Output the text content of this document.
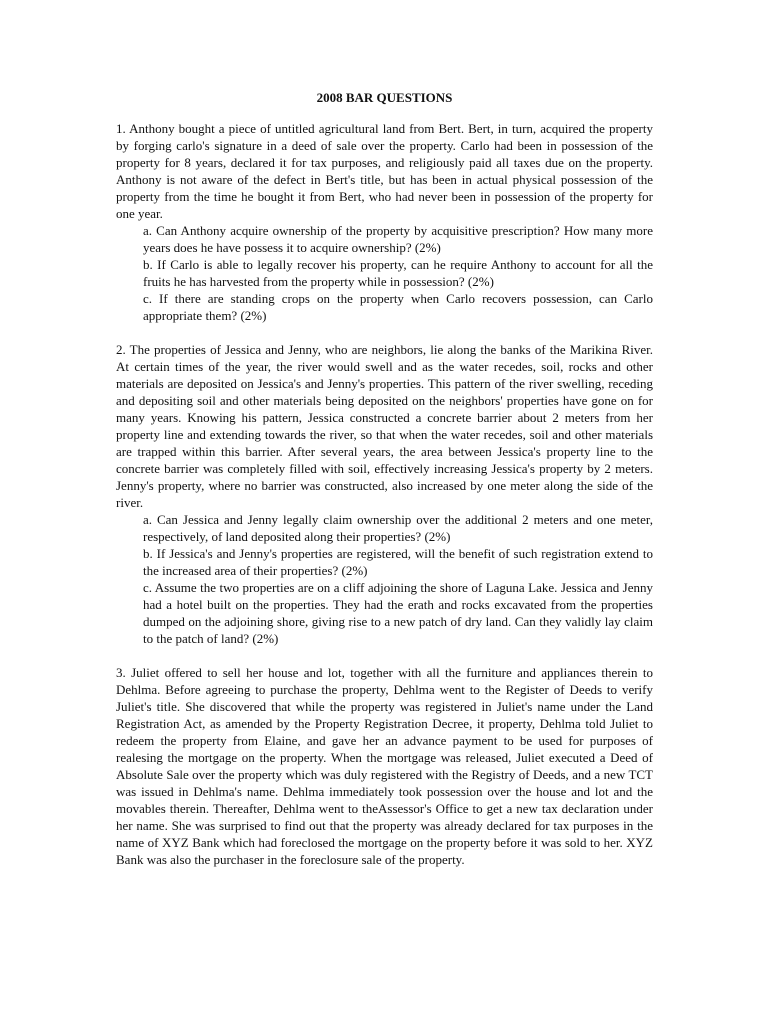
2008 BAR QUESTIONS

1. Anthony bought a piece of untitled agricultural land from Bert. Bert, in turn, acquired the property by forging carlo's signature in a deed of sale over the property. Carlo had been in possession of the property for 8 years, declared it for tax purposes, and religiously paid all taxes due on the property. Anthony is not aware of the defect in Bert's title, but has been in actual physical possession of the property from the time he bought it from Bert, who had never been in possession of the property for one year.

a. Can Anthony acquire ownership of the property by acquisitive prescription? How many more years does he have possess it to acquire ownership? (2%)

b. If Carlo is able to legally recover his property, can he require Anthony to account for all the fruits he has harvested from the property while in possession? (2%)

c. If there are standing crops on the property when Carlo recovers possession, can Carlo appropriate them? (2%)

2. The properties of Jessica and Jenny, who are neighbors, lie along the banks of the Marikina River. At certain times of the year, the river would swell and as the water recedes, soil, rocks and other materials are deposited on Jessica's and Jenny's properties. This pattern of the river swelling, receding and depositing soil and other materials being deposited on the neighbors' properties have gone on for many years. Knowing his pattern, Jessica constructed a concrete barrier about 2 meters from her property line and extending towards the river, so that when the water recedes, soil and other materials are trapped within this barrier. After several years, the area between Jessica's property line to the concrete barrier was completely filled with soil, effectively increasing Jessica's property by 2 meters. Jenny's property, where no barrier was constructed, also increased by one meter along the side of the river.

a. Can Jessica and Jenny legally claim ownership over the additional 2 meters and one meter, respectively, of land deposited along their properties? (2%)

b. If Jessica's and Jenny's properties are registered, will the benefit of such registration extend to the increased area of their properties? (2%)

c. Assume the two properties are on a cliff adjoining the shore of Laguna Lake. Jessica and Jenny had a hotel built on the properties. They had the erath and rocks excavated from the properties dumped on the adjoining shore, giving rise to a new patch of dry land. Can they validly lay claim to the patch of land? (2%)

3. Juliet offered to sell her house and lot, together with all the furniture and appliances therein to Dehlma. Before agreeing to purchase the property, Dehlma went to the Register of Deeds to verify Juliet's title. She discovered that while the property was registered in Juliet's name under the Land Registration Act, as amended by the Property Registration Decree, it property, Dehlma told Juliet to redeem the property from Elaine, and gave her an advance payment to be used for purposes of realesing the mortgage on the property. When the mortgage was released, Juliet executed a Deed of Absolute Sale over the property which was duly registered with the Registry of Deeds, and a new TCT was issued in Dehlma's name. Dehlma immediately took possession over the house and lot and the movables therein. Thereafter, Dehlma went to theAssessor's Office to get a new tax declaration under her name. She was surprised to find out that the property was already declared for tax purposes in the name of XYZ Bank which had foreclosed the mortgage on the property before it was sold to her. XYZ Bank was also the purchaser in the foreclosure sale of the property.
